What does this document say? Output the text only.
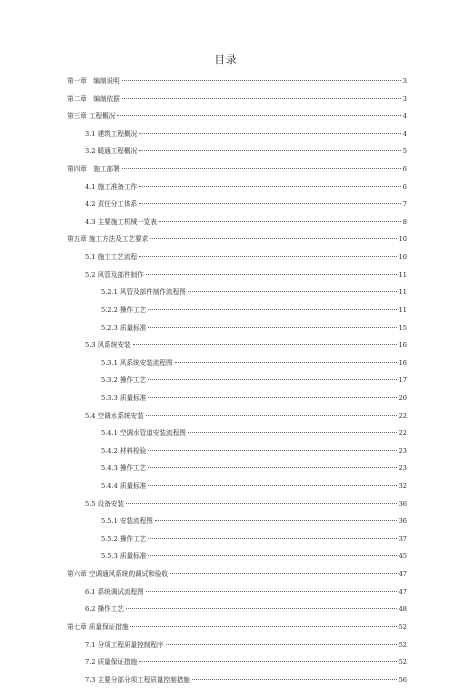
目录
第一章　编制说明	3
第二章　编制依据	3
第三章 工程概况	4
3.1 建筑工程概况	4
3.2 暖通工程概况	5
第四章　施工部署	6
4.1 施工准备工作	6
4.2 责任分工体系	7
4.3 主要施工机械一览表	8
第五章 施工方法及工艺要求	10
5.1 施工工艺流程	10
5.2 风管及部件制作	11
5.2.1 风管及部件制作流程图	11
5.2.2 操作工艺	11
5.2.3 质量标准	15
5.3 风系统安装	16
5.3.1 风系统安装流程图	16
5.3.2 操作工艺	17
5.3.3 质量标准	20
5.4 空调水系统安装	22
5.4.1 空调水管道安装流程图	22
5.4.2 材料检验	23
5.4.3 操作工艺	23
5.4.4 质量标准	32
5.5 设备安装	36
5.5.1 安装流程图	36
5.5.2 操作工艺	37
5.5.3 质量标准	45
第六章 空调通风系统的调试和验收	47
6.1 系统调试流程图	47
6.2 操作工艺	48
第七章 质量保证措施	52
7.1 分项工程质量控制程序	52
7.2 质量保证措施	52
7.3 主要分部分项工程质量控制措施	56
